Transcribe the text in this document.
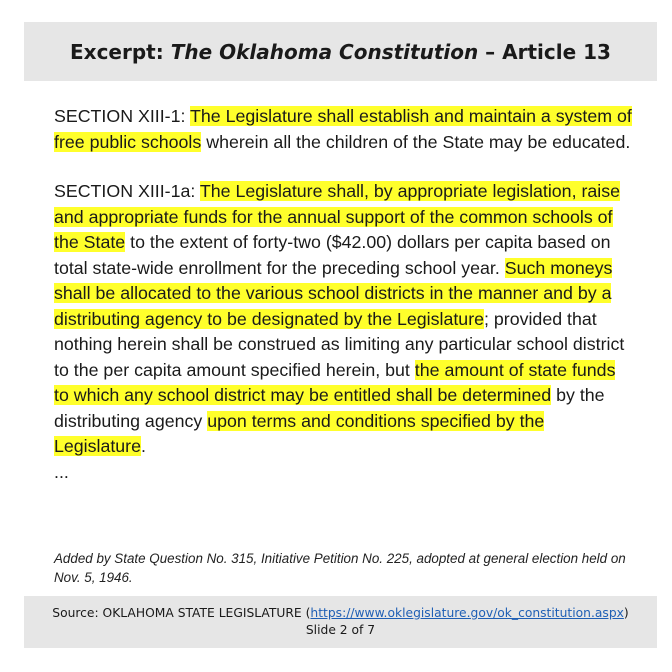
Excerpt: The Oklahoma Constitution – Article 13

SECTION XIII-1: The Legislature shall establish and maintain a system of free public schools wherein all the children of the State may be educated.

SECTION XIII-1a: The Legislature shall, by appropriate legislation, raise and appropriate funds for the annual support of the common schools of the State to the extent of forty-two ($42.00) dollars per capita based on total state-wide enrollment for the preceding school year. Such moneys shall be allocated to the various school districts in the manner and by a distributing agency to be designated by the Legislature; provided that nothing herein shall be construed as limiting any particular school district to the per capita amount specified herein, but the amount of state funds to which any school district may be entitled shall be determined by the distributing agency upon terms and conditions specified by the Legislature.

...

Added by State Question No. 315, Initiative Petition No. 225, adopted at general election held on Nov. 5, 1946.
Source: OKLAHOMA STATE LEGISLATURE (https://www.oklegislature.gov/ok_constitution.aspx)
Slide 2 of 7
